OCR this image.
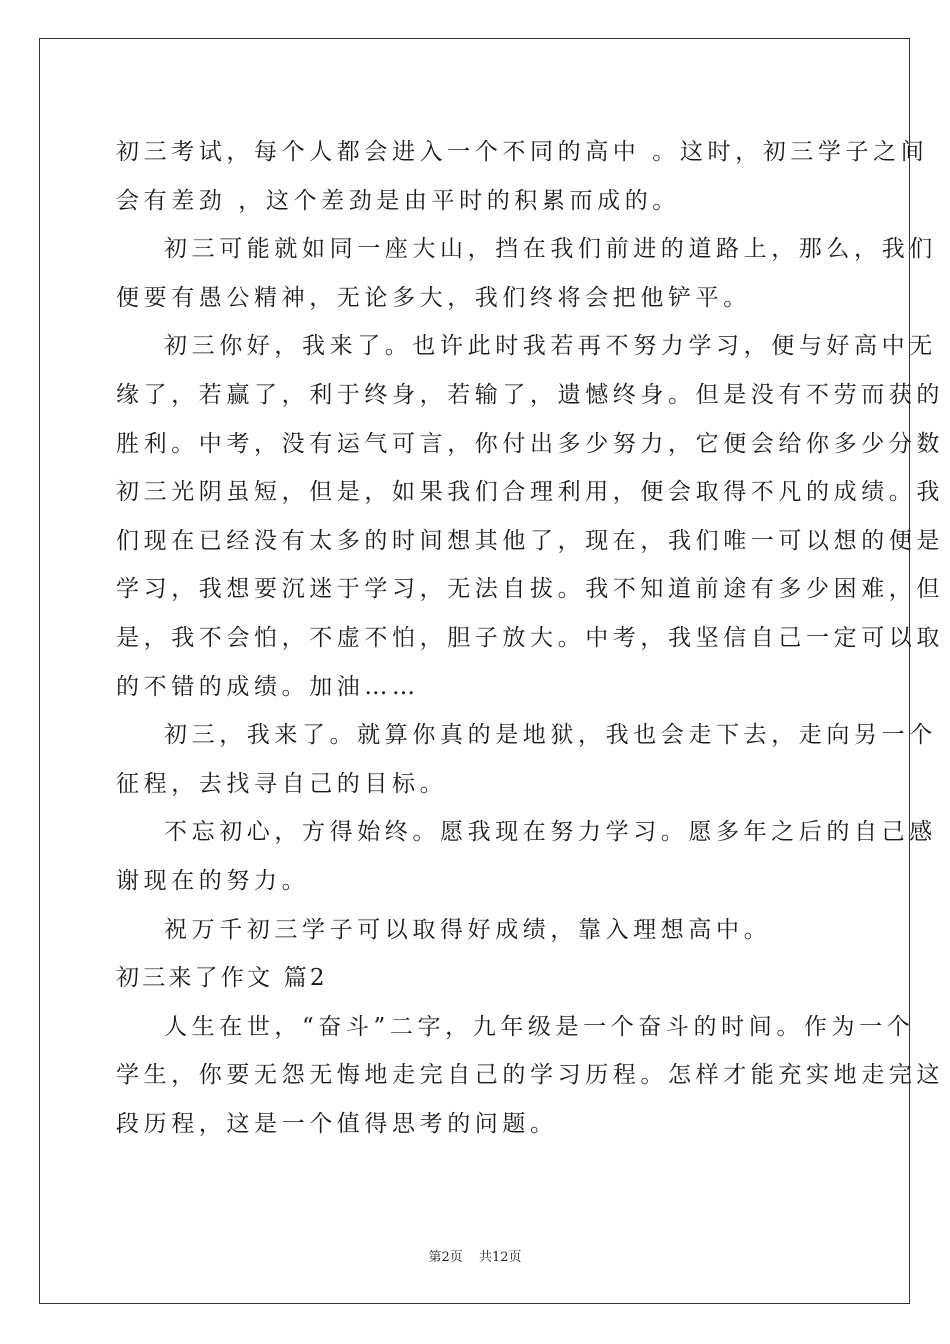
初三考试，每个人都会进入一个不同的高中 。这时，初三学子之间
会有差劲 ，这个差劲是由平时的积累而成的。
初三可能就如同一座大山，挡在我们前进的道路上，那么，我们
便要有愚公精神，无论多大，我们终将会把他铲平。
初三你好，我来了。也许此时我若再不努力学习，便与好高中无
缘了，若赢了，利于终身，若输了，遗憾终身。但是没有不劳而获的
胜利。中考，没有运气可言，你付出多少努力，它便会给你多少分数
初三光阴虽短，但是，如果我们合理利用，便会取得不凡的成绩。我
们现在已经没有太多的时间想其他了，现在，我们唯一可以想的便是
学习，我想要沉迷于学习，无法自拔。我不知道前途有多少困难，但
是，我不会怕，不虚不怕，胆子放大。中考，我坚信自己一定可以取
的不错的成绩。加油……
初三，我来了。就算你真的是地狱，我也会走下去，走向另一个
征程，去找寻自己的目标。
不忘初心，方得始终。愿我现在努力学习。愿多年之后的自己感
谢现在的努力。
祝万千初三学子可以取得好成绩，靠入理想高中。
初三来了作文 篇2
人生在世，“奋斗”二字，九年级是一个奋斗的时间。作为一个
学生，你要无怨无悔地走完自己的学习历程。怎样才能充实地走完这
段历程，这是一个值得思考的问题。
第2页 共12页
